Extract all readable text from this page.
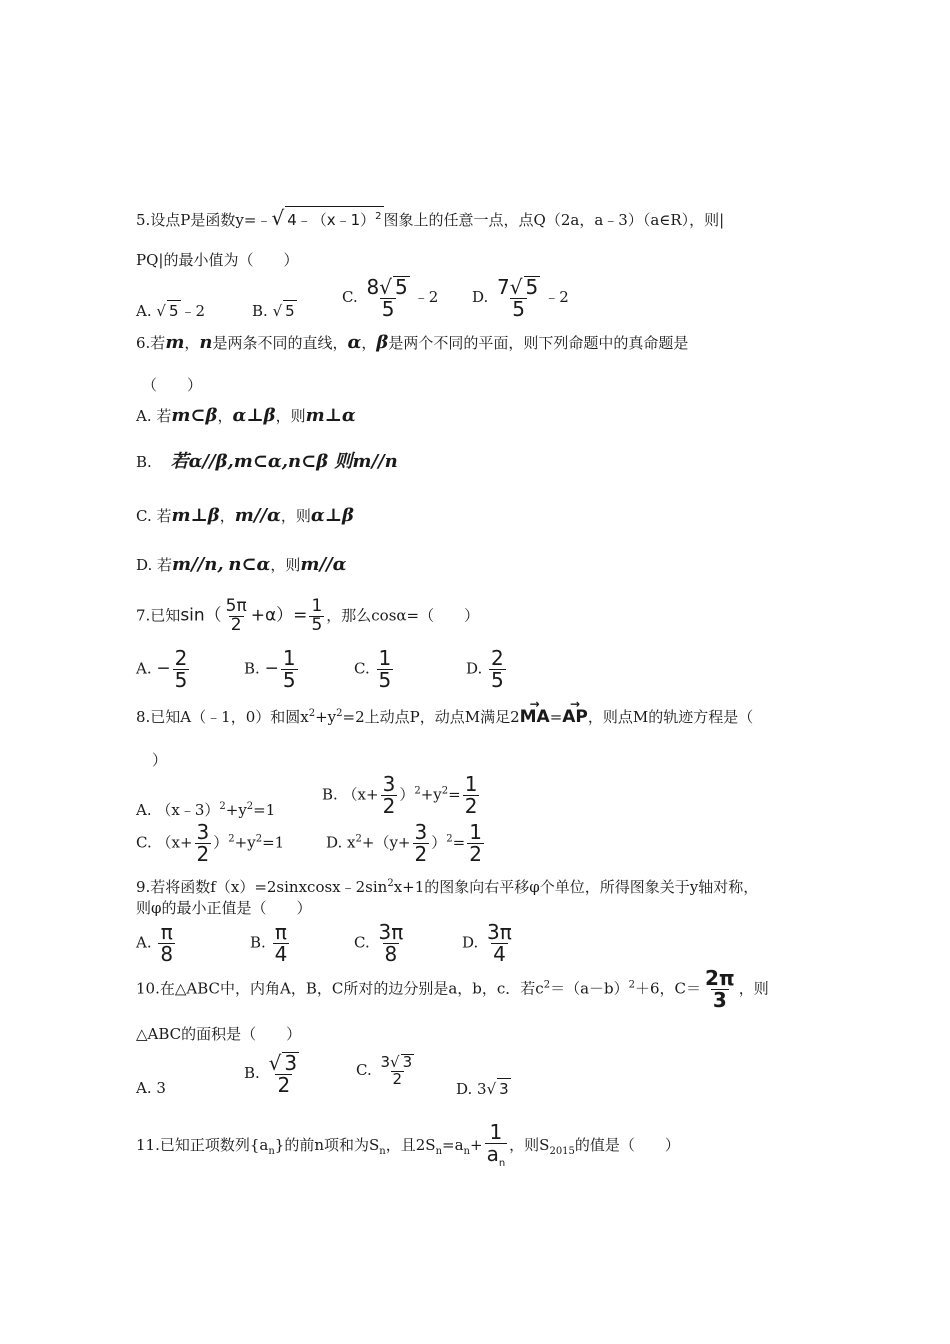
5.设点P是函数y=﹣√ 4﹣（x﹣1）$^2$ 图象上的任意一点，点Q（2a，a﹣3）（a∈R），则|
PQ|的最小值为（　　）
A. √ 5 ﹣2	B. √ 5
C. $\frac{8√ 5}{5}$ ﹣2 D. $\frac{7√ 5}{5}$ ﹣2
6.若m，n是两条不同的直线，α，β是两个不同的平面，则下列命题中的真命题是
（　　）
A. 若m⊂β，α⊥β，则m⊥α
B. 若α//β,m⊂α,n⊂β 则m//n
C. 若m⊥β，m//α，则α⊥β
D. 若m//n, n⊂α，则m//α
7.已知$\sin( \frac{5\pi}{2} +\alpha)= \frac{1}{5}$ ，那么cosα=（　　）
A. − $\frac{2}{5}$	B. − $\frac{1}{5}$	C. $\frac{1}{5}$	D. $\frac{2}{5}$
8.已知A（﹣1，0）和圆$x^2+y^2=2$上动点P，动点M满足2→ MA=→ AP，则点M的轨迹方程是（
）
A. $(x﹣3)^2+y^2=1$
B. $(x+ \frac{3}{2} )^2+y^2= \frac{1}{2}$
C. $(x+ \frac{3}{2} )^2+y^2=1$	D. $x^2+(y+ \frac{3}{2} )^2= \frac{1}{2}$
9.若将函数$f(x)=2sinxcosx﹣2\sin^2x+1$的图象向右平移φ个单位，所得图象关于y轴对称，
则φ的最小正值是（　　）
A. $\frac{\pi}{8}$	B. $\frac{\pi}{4}$	C. $\frac{3\pi}{8}$	D. $\frac{3\pi}{4}$
10.在△ABC中，内角A，B，C所对的边分别是a，b，c．若$c^2=(a-b)^2+6$，$C= \frac{2\pi}{3}$ ，则
△ABC的面积是（　　）
A. 3
B. $\frac{√ 3}{2}$	C. $\frac{3√ 3}{2}$
D. 3√ 3
11.已知正项数列$\{a_n\}$的前n项和为$S_n$，且$2S_n=a_n+ \frac{1}{a_n}$ ，则$S_{2015}$的值是（　　）
